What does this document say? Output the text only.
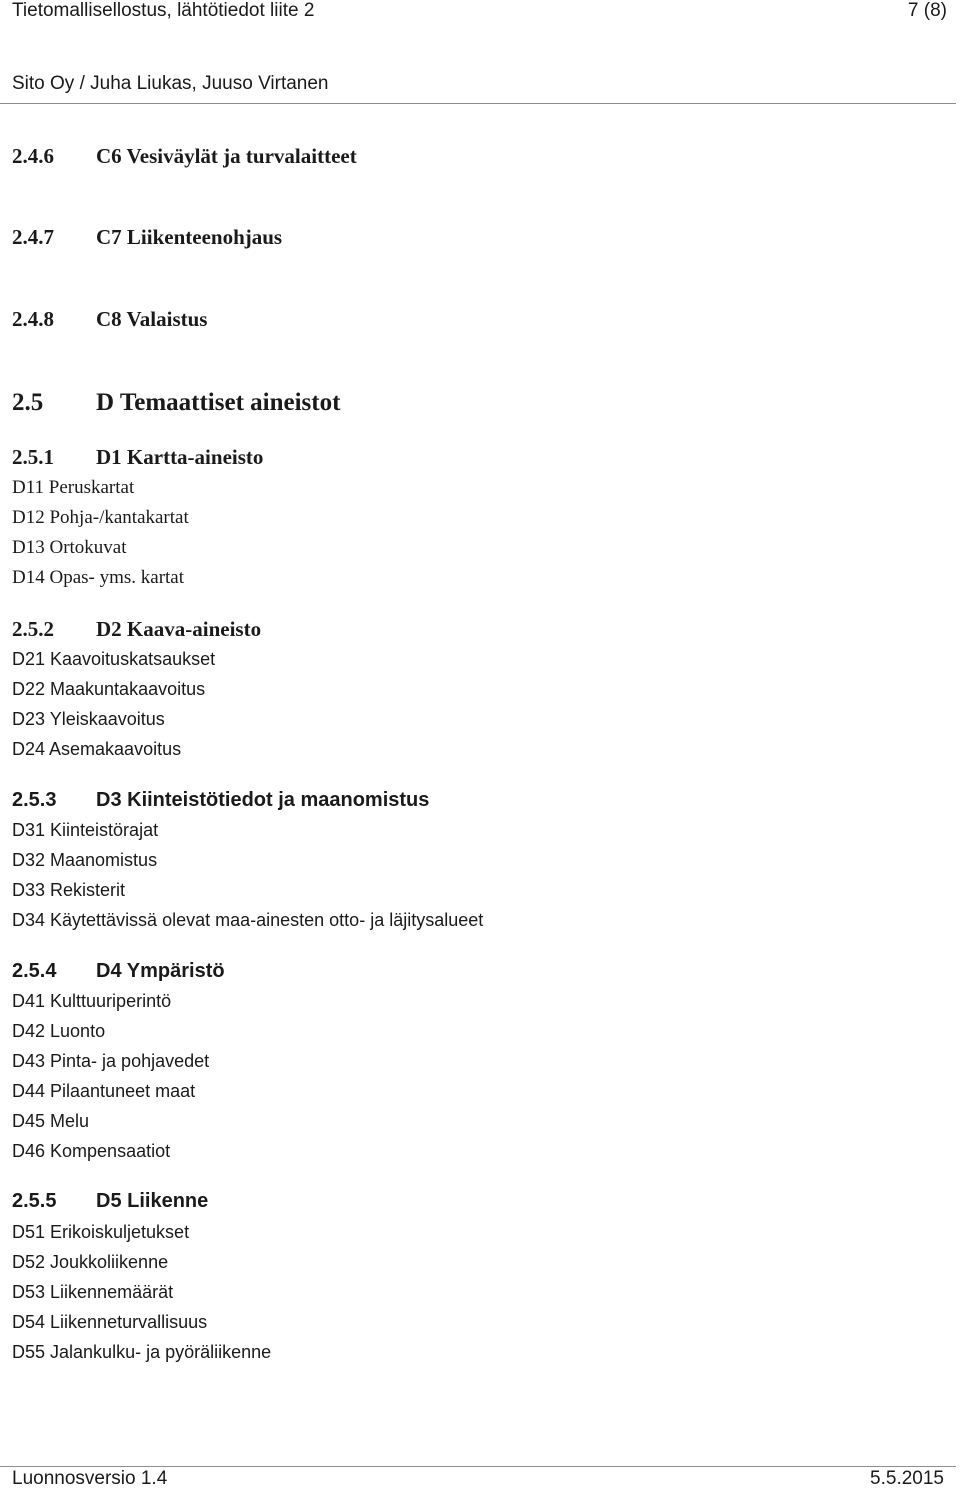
Tietomallisellostus, lähtötiedot liite 2	7 (8)
Sito Oy / Juha Liukas, Juuso Virtanen
2.4.6 C6 Vesiväylät ja turvalaitteet
2.4.7 C7 Liikenteenohjaus
2.4.8 C8 Valaistus
2.5 D Temaattiset aineistot
2.5.1 D1 Kartta-aineisto
D11 Peruskartat
D12 Pohja-/kantakartat
D13 Ortokuvat
D14 Opas- yms. kartat
2.5.2 D2 Kaava-aineisto
D21 Kaavoituskatsaukset
D22 Maakuntakaavoitus
D23 Yleiskaavoitus
D24 Asemakaavoitus
2.5.3 D3 Kiinteistötiedot ja maanomistus
D31 Kiinteistörajat
D32 Maanomistus
D33 Rekisterit
D34 Käytettävissä olevat maa-ainesten otto- ja läjitysalueet
2.5.4 D4 Ympäristö
D41 Kulttuuriperintö
D42 Luonto
D43 Pinta- ja pohjavedet
D44 Pilaantuneet maat
D45 Melu
D46 Kompensaatiot
2.5.5 D5 Liikenne
D51 Erikoiskuljetukset
D52 Joukkoliikenne
D53 Liikennemäärät
D54 Liikenneturvallisuus
D55 Jalankulku- ja pyöräliikenne
Luonnosversio 1.4	5.5.2015
